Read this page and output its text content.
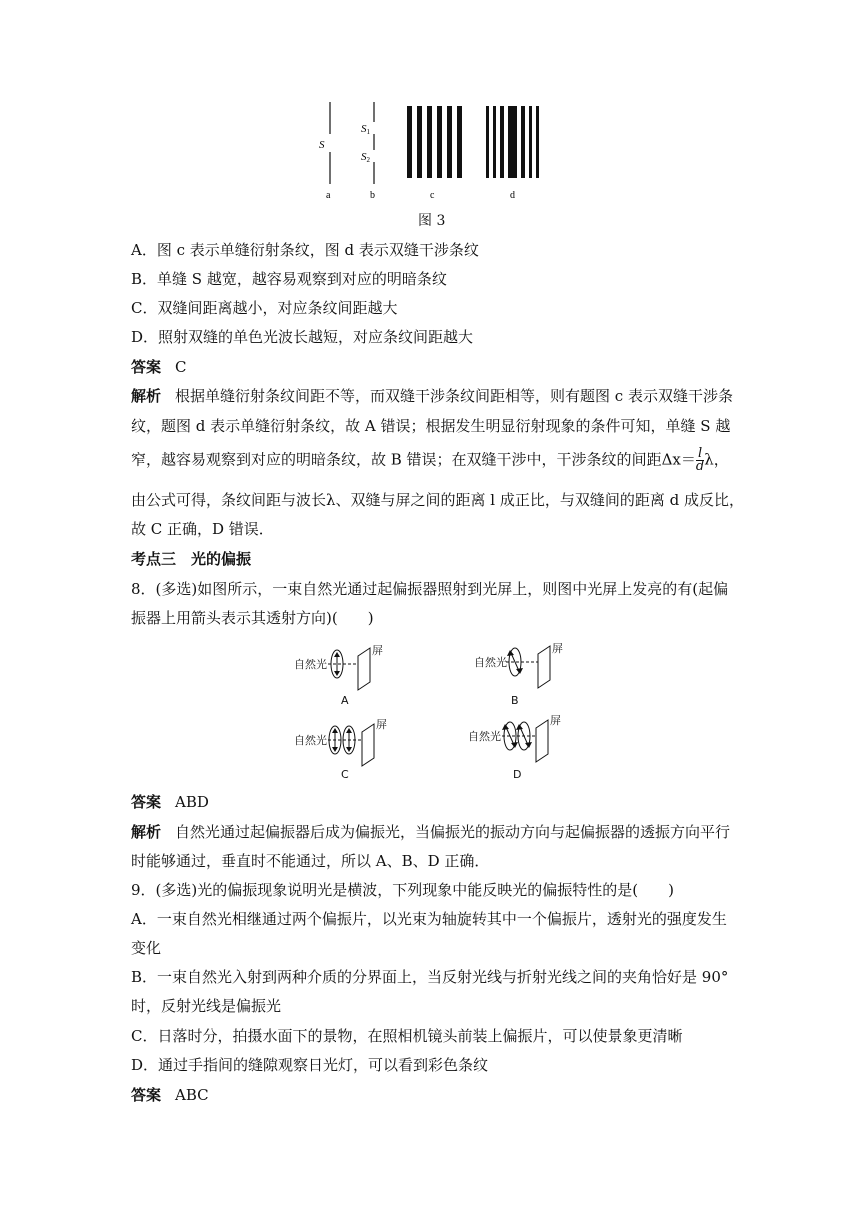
S
S1
S2
a	b	c	d
图 3
A．图 c 表示单缝衍射条纹，图 d 表示双缝干涉条纹
B．单缝 S 越宽，越容易观察到对应的明暗条纹
C．双缝间距离越小，对应条纹间距越大
D．照射双缝的单色光波长越短，对应条纹间距越大
答案 C
解析 根据单缝衍射条纹间距不等，而双缝干涉条纹间距相等，则有题图 c 表示双缝干涉条
纹，题图 d 表示单缝衍射条纹，故 A 错误；根据发生明显衍射现象的条件可知，单缝 S 越
窄，越容易观察到对应的明暗条纹，故 B 错误；在双缝干涉中，干涉条纹的间距$\Delta x= \frac{l}{d}$ λ，
由公式可得，条纹间距与波长λ、双缝与屏之间的距离 l 成正比，与双缝间的距离 d 成反比，
故 C 正确，D 错误．
考点三　光的偏振
8．(多选)如图所示，一束自然光通过起偏振器照射到光屏上，则图中光屏上发亮的有(起偏
振器上用箭头表示其透射方向)(　　)
自然光
屏
A
自然光
屏
B
自然光
屏
C
自然光
屏
D
答案 ABD
解析 自然光通过起偏振器后成为偏振光，当偏振光的振动方向与起偏振器的透振方向平行
时能够通过，垂直时不能通过，所以 A、B、D 正确．
9．(多选)光的偏振现象说明光是横波，下列现象中能反映光的偏振特性的是(　　)
A．一束自然光相继通过两个偏振片，以光束为轴旋转其中一个偏振片，透射光的强度发生
变化
B．一束自然光入射到两种介质的分界面上，当反射光线与折射光线之间的夹角恰好是 90°
时，反射光线是偏振光
C．日落时分，拍摄水面下的景物，在照相机镜头前装上偏振片，可以使景象更清晰
D．通过手指间的缝隙观察日光灯，可以看到彩色条纹
答案 ABC
